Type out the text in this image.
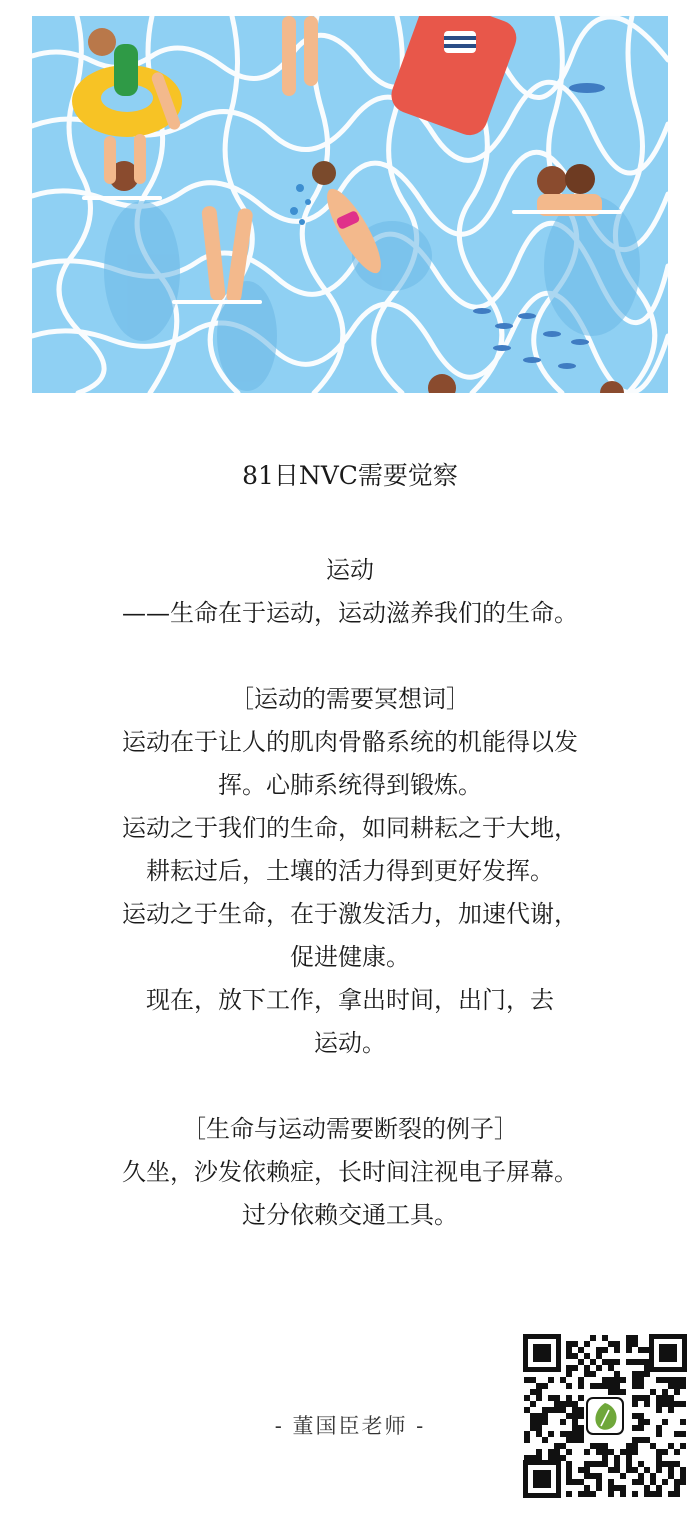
81日NVC需要觉察

运动

——生命在于运动，运动滋养我们的生命。

［运动的需要冥想词］

运动在于让人的肌肉骨骼系统的机能得以发

挥。心肺系统得到锻炼。

运动之于我们的生命，如同耕耘之于大地，

耕耘过后，土壤的活力得到更好发挥。

运动之于生命，在于激发活力，加速代谢，

促进健康。

现在，放下工作，拿出时间，出门，去

运动。

［生命与运动需要断裂的例子］

久坐，沙发依赖症，长时间注视电子屏幕。

过分依赖交通工具。

- 董国臣老师 -
